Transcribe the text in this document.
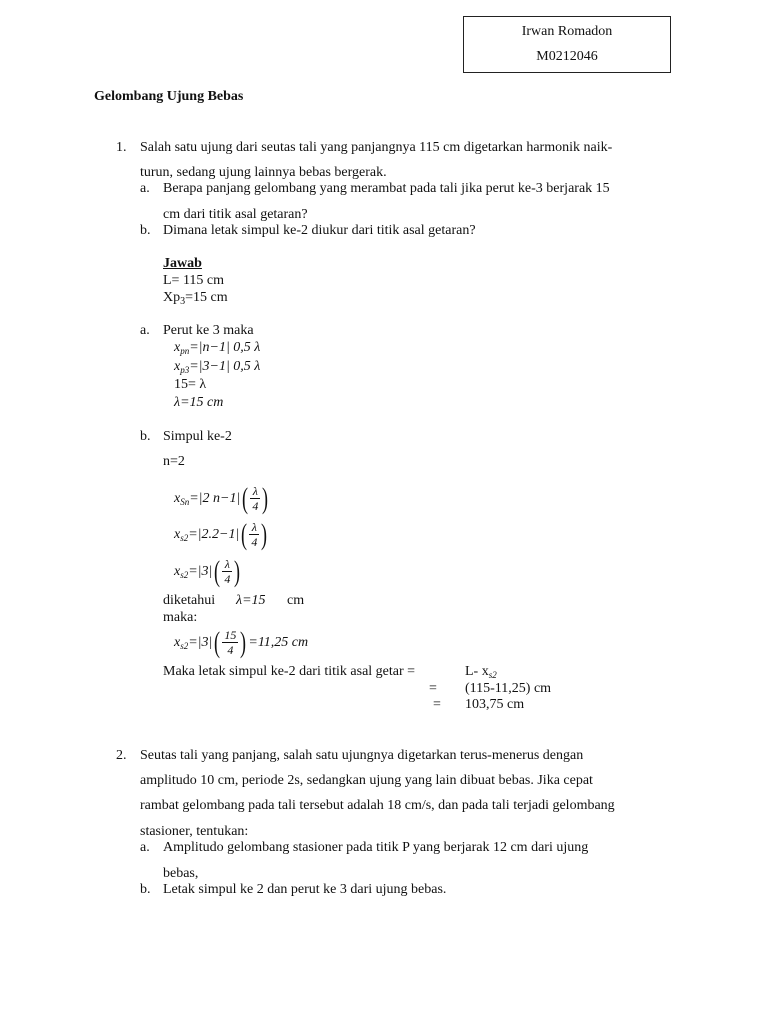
Irwan Romadon
M0212046
Gelombang Ujung Bebas
1. Salah satu ujung dari seutas tali yang panjangnya 115 cm digetarkan harmonik naik-
turun, sedang ujung lainnya bebas bergerak.
a. Berapa panjang gelombang yang merambat pada tali jika perut ke-3 berjarak 15
cm dari titik asal getaran?
b. Dimana letak simpul ke-2 diukur dari titik asal getaran?
Jawab
L= 115 cm
$Xp_3=15$ cm
a. Perut ke 3 maka
$x_{pn}=|n-1|$ 0,5 λ
$x_{p3}=|3-1|$ 0,5 λ
15= λ
λ=15 cm
b. Simpul ke-2
n=2
$x_{Sn}=|2$ $n-1|( \frac{\lambda}{4}$ )
$x_{s2}=|2.2-1|( \frac{\lambda}{4}$ )
$x_{s2}=|3|( \frac{\lambda}{4}$ )
diketahui λ=15 cm
maka:
$x_{s2}=|3|( \frac{15}{4}$ ) =11,25 cm
Maka letak simpul ke-2 dari titik asal getar =	L- $x_{s2}$
= (115-11,25) cm
= 103,75 cm
2. Seutas tali yang panjang, salah satu ujungnya digetarkan terus-menerus dengan
amplitudo 10 cm, periode 2s, sedangkan ujung yang lain dibuat bebas. Jika cepat
rambat gelombang pada tali tersebut adalah 18 cm/s, dan pada tali terjadi gelombang
stasioner, tentukan:
a. Amplitudo gelombang stasioner pada titik P yang berjarak 12 cm dari ujung
bebas,
b. Letak simpul ke 2 dan perut ke 3 dari ujung bebas.
